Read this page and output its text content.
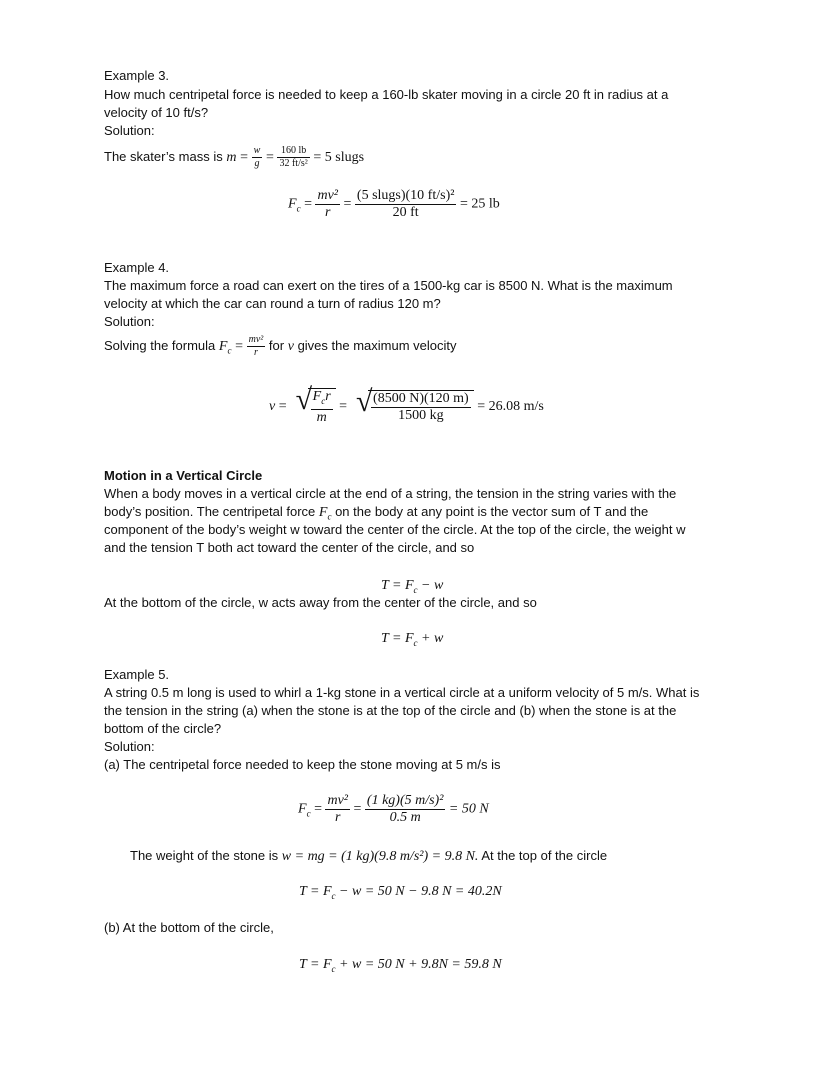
Example 3.
How much centripetal force is needed to keep a 160-lb skater moving in a circle 20 ft in radius at a
velocity of 10 ft/s?
Solution:
The skater’s mass is $m = \frac{w}{g} = \frac{160 lb}{\text{32 ft/s²}} = 5$ slugs
$F_c = \frac{\text{mv²}}{r} = \frac{\text{(5 slugs)(10 ft/s)²}}{20 ft} = 25$ lb
Example 4.
The maximum force a road can exert on the tires of a 1500-kg car is 8500 N. What is the maximum
velocity at which the car can round a turn of radius 120 m?
Solution:
Solving the formula $F_c = \frac{\text{mv²}}{r}$ for v gives the maximum velocity
v = √ $\frac{F_cr}{m}$ = √ $\frac{(8500 N)(120 m)}{1500 kg} = 26.08$ m/s
Motion in a Vertical Circle
When a body moves in a vertical circle at the end of a string, the tension in the string varies with the
body’s position. The centripetal force $F_c$ on the body at any point is the vector sum of T and the
component of the body’s weight w toward the center of the circle. At the top of the circle, the weight w
and the tension T both act toward the center of the circle, and so
$T = F_c - w$
At the bottom of the circle, w acts away from the center of the circle, and so
$T = F_c + w$
Example 5.
A string 0.5 m long is used to whirl a 1-kg stone in a vertical circle at a uniform velocity of 5 m/s. What is
the tension in the string (a) when the stone is at the top of the circle and (b) when the stone is at the
bottom of the circle?
Solution:
(a) The centripetal force needed to keep the stone moving at 5 m/s is
$F_c = \frac{\text{mv²}}{r} = \frac{\text{(1 kg)(5 m/s)²}}{0.5 m} = 50$ N
The weight of the stone is w = mg = (1 kg)(9.8 m/s²) = 9.8 N. At the top of the circle
$T = F_c - w = 50$ N − 9.8 N = 40.2N
(b) At the bottom of the circle,
$T = F_c + w = 50$ N + 9.8N = 59.8 N
